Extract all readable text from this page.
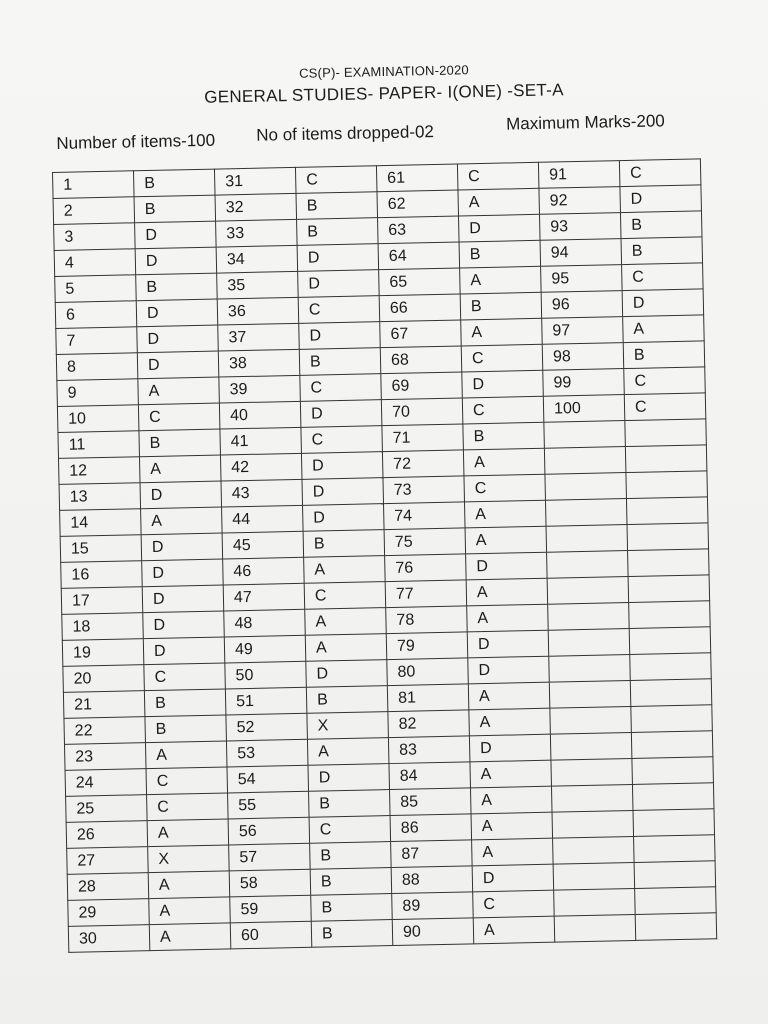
CS(P)- EXAMINATION-2020
GENERAL STUDIES- PAPER- I(ONE) -SET-A
Number of items-100 No of items dropped-02	Maximum Marks-200
1	B	31	C	61	C	91	C
2	B	32	B	62	A	92	D
3	D	33	B	63	D	93	B
4	D	34	D	64	B	94	B
5	B	35	D	65	A	95	C
6	D	36	C	66	B	96	D
7	D	37	D	67	A	97	A
8	D	38	B	68	C	98	B
9	A	39	C	69	D	99	C
10	C	40	D	70	C	100	C
11	B	41	C	71	B		
12	A	42	D	72	A		
13	D	43	D	73	C		
14	A	44	D	74	A		
15	D	45	B	75	A		
16	D	46	A	76	D		
17	D	47	C	77	A		
18	D	48	A	78	A		
19	D	49	A	79	D		
20	C	50	D	80	D		
21	B	51	B	81	A		
22	B	52	X	82	A		
23	A	53	A	83	D		
24	C	54	D	84	A		
25	C	55	B	85	A		
26	A	56	C	86	A		
27	X	57	B	87	A		
28	A	58	B	88	D		
29	A	59	B	89	C		
30	A	60	B	90	A		
